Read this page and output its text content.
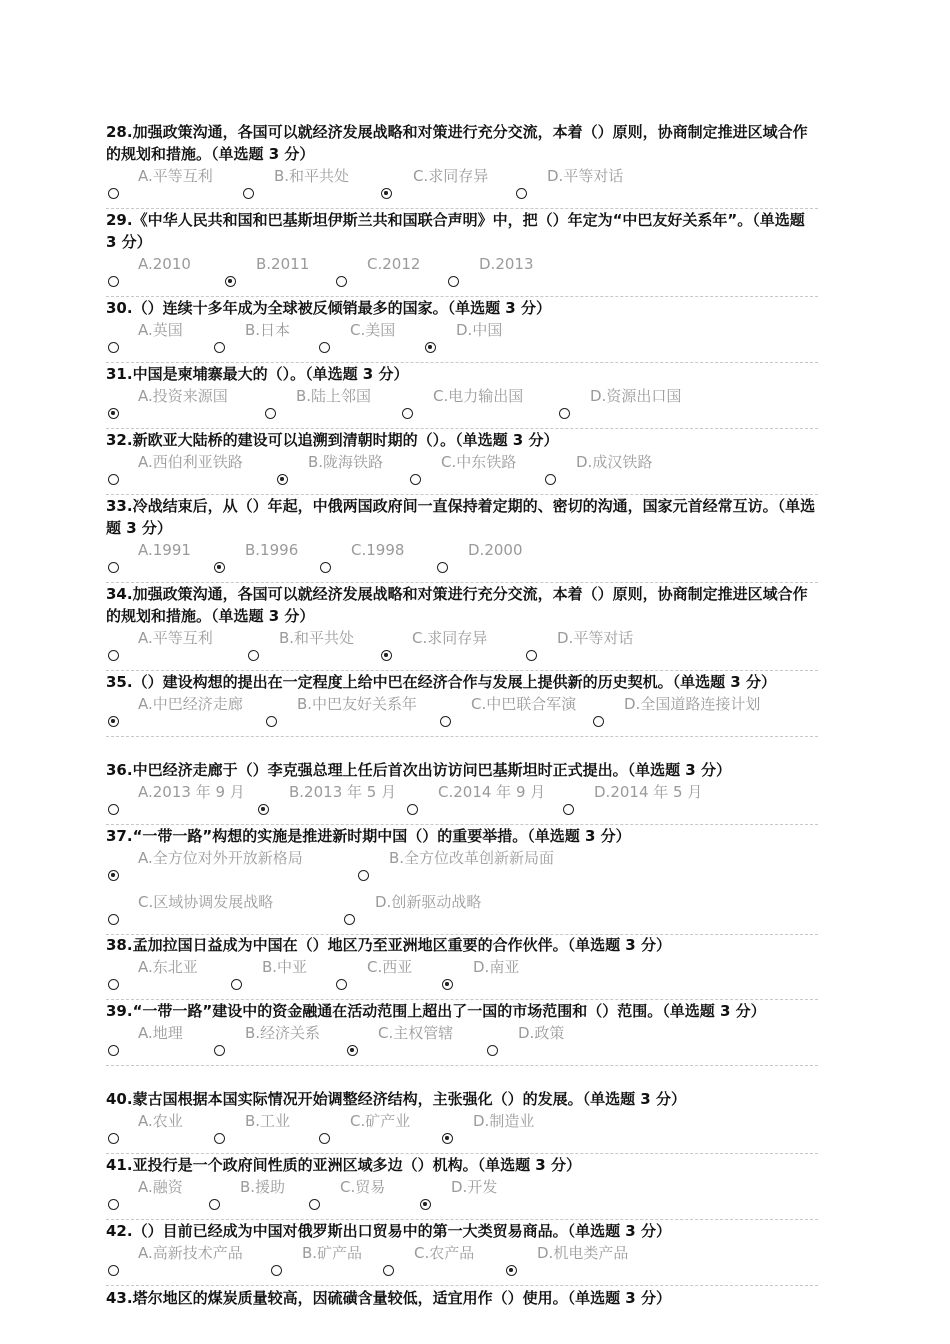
28.加强政策沟通，各国可以就经济发展战略和对策进行充分交流，本着（）原则，协商制定推进区域合作的规划和措施。（单选题 3 分）

A.平等互利	B.和平共处	C.求同存异	D.平等对话

29.《中华人民共和国和巴基斯坦伊斯兰共和国联合声明》中，把（）年定为“中巴友好关系年”。（单选题 3 分）

A.2010	B.2011	C.2012	D.2013

30.（）连续十多年成为全球被反倾销最多的国家。（单选题 3 分）

A.英国	B.日本	C.美国	D.中国

31.中国是柬埔寨最大的（）。（单选题 3 分）

A.投资来源国	B.陆上邻国	C.电力输出国	D.资源出口国

32.新欧亚大陆桥的建设可以追溯到清朝时期的（）。（单选题 3 分）

A.西伯利亚铁路	B.陇海铁路	C.中东铁路	D.成汉铁路

33.冷战结束后，从（）年起，中俄两国政府间一直保持着定期的、密切的沟通，国家元首经常互访。（单选题 3 分）

A.1991	B.1996	C.1998	D.2000

34.加强政策沟通，各国可以就经济发展战略和对策进行充分交流，本着（）原则，协商制定推进区域合作的规划和措施。（单选题 3 分）

A.平等互利	B.和平共处	C.求同存异	D.平等对话

35.（）建设构想的提出在一定程度上给中巴在经济合作与发展上提供新的历史契机。（单选题 3 分）

A.中巴经济走廊	B.中巴友好关系年	C.中巴联合军演	D.全国道路连接计划

36.中巴经济走廊于（）李克强总理上任后首次出访访问巴基斯坦时正式提出。（单选题 3 分）

A.2013 年 9 月	B.2013 年 5 月	C.2014 年 9 月	D.2014 年 5 月

37.“一带一路”构想的实施是推进新时期中国（）的重要举措。（单选题 3 分）

A.全方位对外开放新格局	B.全方位改革创新新局面
C.区域协调发展战略	D.创新驱动战略

38.孟加拉国日益成为中国在（）地区乃至亚洲地区重要的合作伙伴。（单选题 3 分）

A.东北亚	B.中亚	C.西亚	D.南亚

39.“一带一路”建设中的资金融通在活动范围上超出了一国的市场范围和（）范围。（单选题 3 分）

A.地理	B.经济关系	C.主权管辖	D.政策

40.蒙古国根据本国实际情况开始调整经济结构，主张强化（）的发展。（单选题 3 分）

A.农业	B.工业	C.矿产业	D.制造业

41.亚投行是一个政府间性质的亚洲区域多边（）机构。（单选题 3 分）

A.融资	B.援助	C.贸易	D.开发

42.（）目前已经成为中国对俄罗斯出口贸易中的第一大类贸易商品。（单选题 3 分）

A.高新技术产品	B.矿产品	C.农产品	D.机电类产品

43.塔尔地区的煤炭质量较高，因硫磺含量较低，适宜用作（）使用。（单选题 3 分）
